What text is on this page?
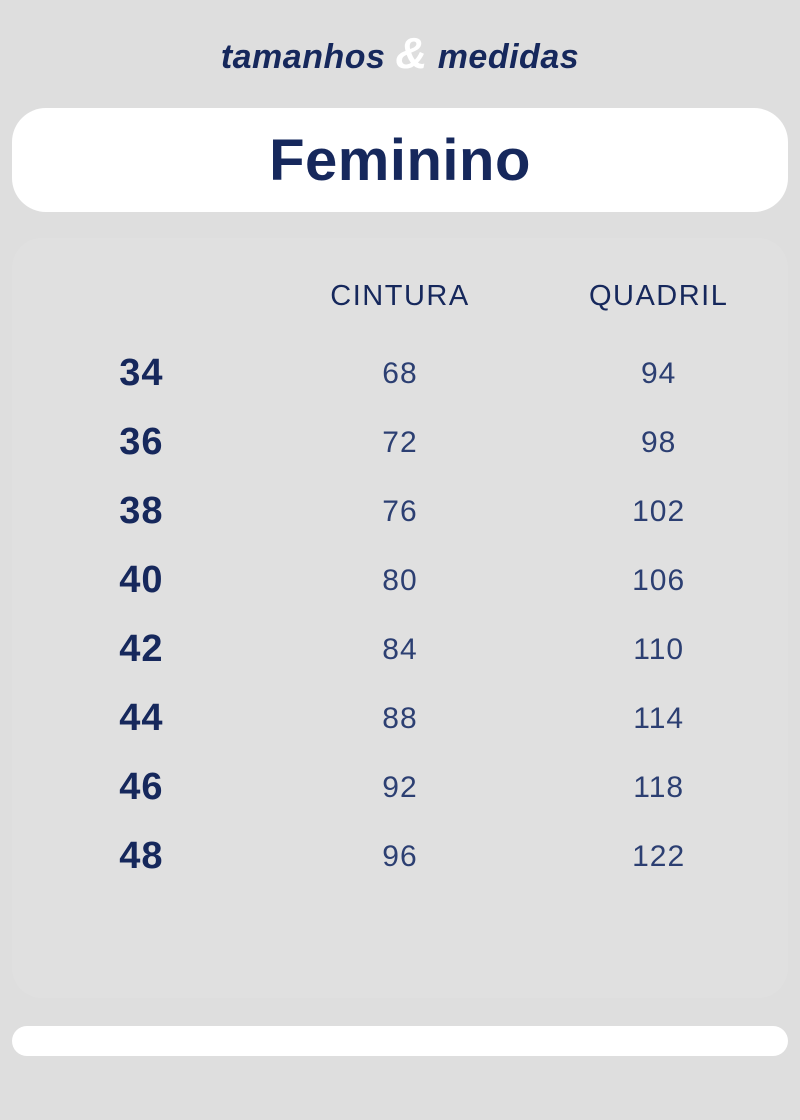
tamanhos & medidas
Feminino
	CINTURA	QUADRIL
34	68	94
36	72	98
38	76	102
40	80	106
42	84	110
44	88	114
46	92	118
48	96	122
